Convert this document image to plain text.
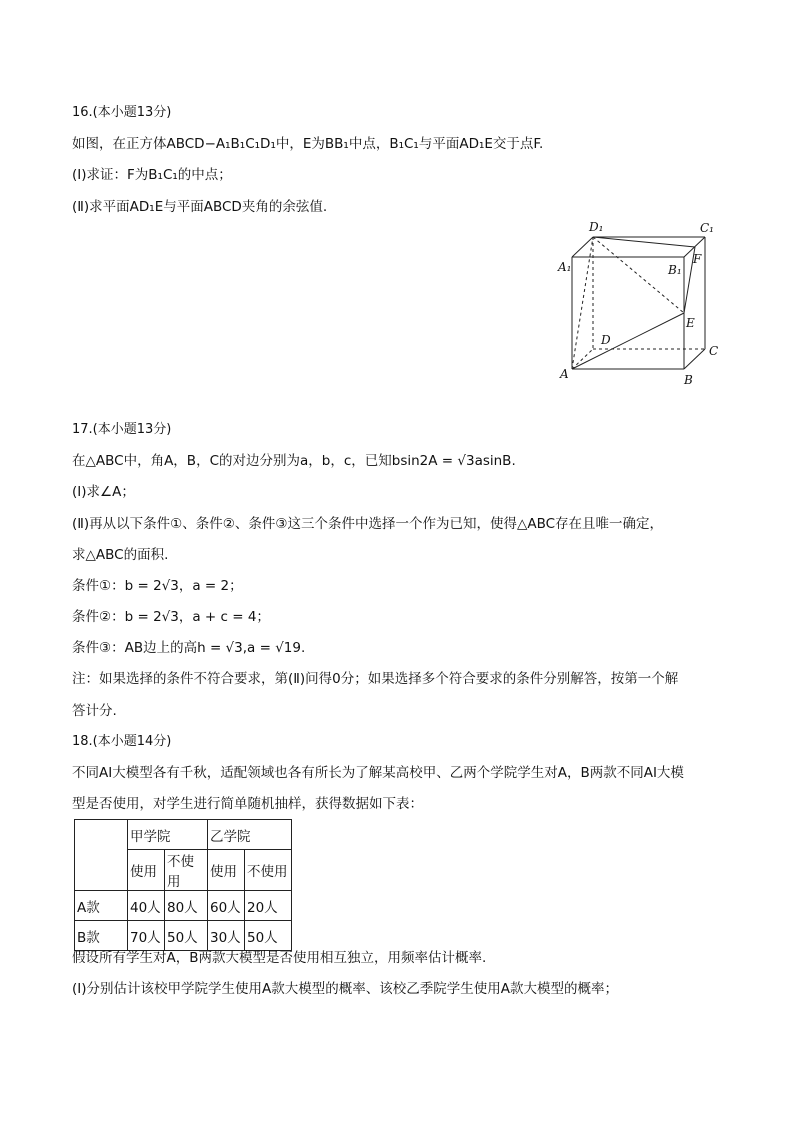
16.(本小题13分)
如图，在正方体ABCD−A₁B₁C₁D₁中，E为BB₁中点，B₁C₁与平面AD₁E交于点F.
(Ⅰ)求证：F为B₁C₁的中点；
(Ⅱ)求平面AD₁E与平面ABCD夹角的余弦值.
D₁	C₁
A₁	B₁
F
E
D
C
A	B
17.(本小题13分)
在△ABC中，角A，B，C的对边分别为a，b，c，已知bsin2A = √3asinB.
(Ⅰ)求∠A；
(Ⅱ)再从以下条件①、条件②、条件③这三个条件中选择一个作为已知，使得△ABC存在且唯一确定，
求△ABC的面积.
条件①：b = 2√3，a = 2；
条件②：b = 2√3，a + c = 4；
条件③：AB边上的高h = √3,a = √19.
注：如果选择的条件不符合要求，第(Ⅱ)问得0分；如果选择多个符合要求的条件分别解答，按第一个解
答计分.
18.(本小题14分)
不同AI大模型各有千秋，适配领域也各有所长为了解某高校甲、乙两个学院学生对A，B两款不同AI大模
型是否使用，对学生进行简单随机抽样，获得数据如下表：
	甲学院		乙学院	
	使用	不使用	使用	不使用
A款	40人	80人	60人	20人
B款	70人	50人	30人	50人
假设所有学生对A，B两款大模型是否使用相互独立，用频率估计概率.
(Ⅰ)分别估计该校甲学院学生使用A款大模型的概率、该校乙季院学生使用A款大模型的概率；
